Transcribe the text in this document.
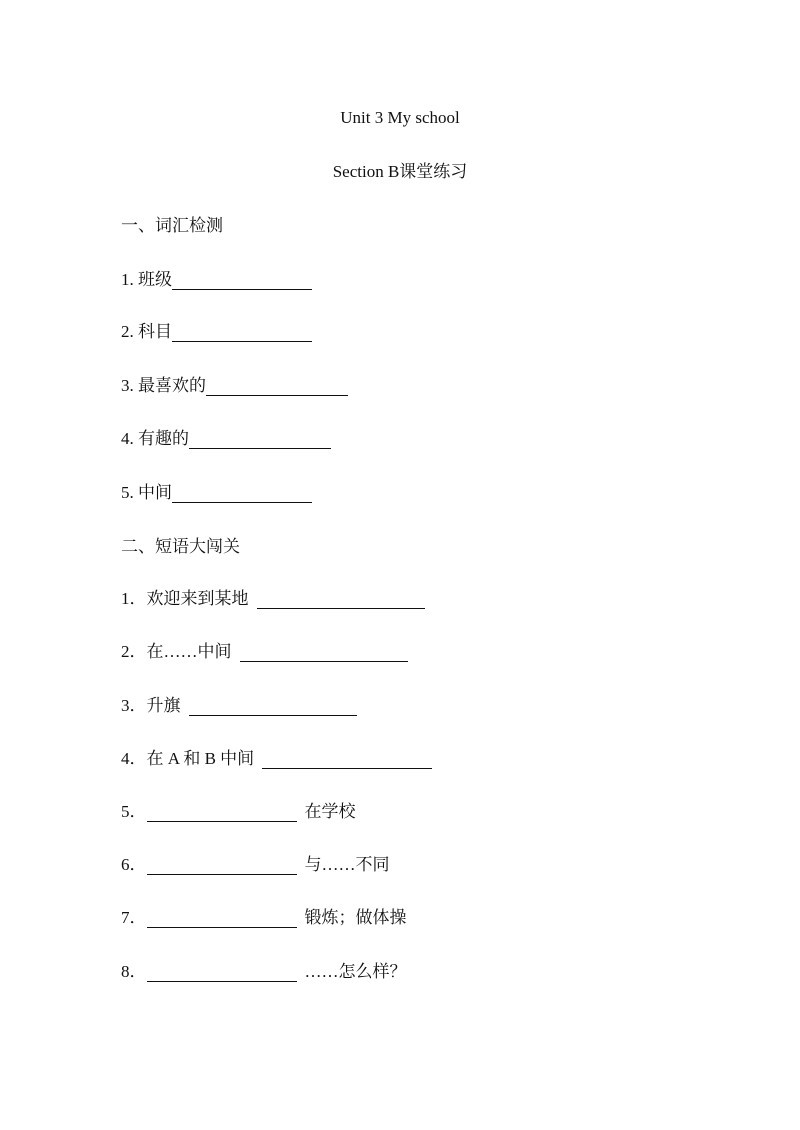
Unit 3 My school
Section B课堂练习
一、词汇检测
1. 班级
2. 科目
3. 最喜欢的
4. 有趣的
5. 中间
二、短语大闯关
1． 欢迎来到某地
2． 在……中间
3． 升旗
4． 在 A 和 B 中间
5．	在学校
6．	与……不同
7．	锻炼；做体操
8．	……怎么样？
